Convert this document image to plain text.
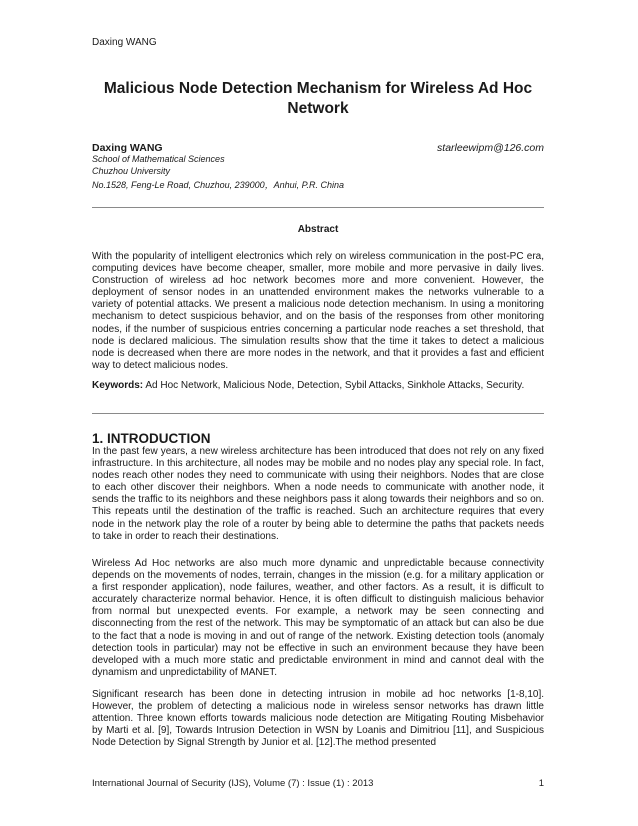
Daxing WANG
Malicious Node Detection Mechanism for Wireless Ad Hoc Network
Daxing WANG	starleewipm@126.com
School of Mathematical Sciences
Chuzhou University
No.1528, Feng-Le Road, Chuzhou, 239000，Anhui, P.R. China
Abstract
With the popularity of intelligent electronics which rely on wireless communication in the post-PC era, computing devices have become cheaper, smaller, more mobile and more pervasive in daily lives. Construction of wireless ad hoc network becomes more and more convenient. However, the deployment of sensor nodes in an unattended environment makes the networks vulnerable to a variety of potential attacks. We present a malicious node detection mechanism. In using a monitoring mechanism to detect suspicious behavior, and on the basis of the responses from other monitoring nodes, if the number of suspicious entries concerning a particular node reaches a set threshold, that node is declared malicious. The simulation results show that the time it takes to detect a malicious node is decreased when there are more nodes in the network, and that it provides a fast and efficient way to detect malicious nodes.
Keywords: Ad Hoc Network, Malicious Node, Detection, Sybil Attacks, Sinkhole Attacks, Security.
1. INTRODUCTION
In the past few years, a new wireless architecture has been introduced that does not rely on any fixed infrastructure. In this architecture, all nodes may be mobile and no nodes play any special role. In fact, nodes reach other nodes they need to communicate with using their neighbors. Nodes that are close to each other discover their neighbors. When a node needs to communicate with another node, it sends the traffic to its neighbors and these neighbors pass it along towards their neighbors and so on. This repeats until the destination of the traffic is reached. Such an architecture requires that every node in the network play the role of a router by being able to determine the paths that packets needs to take in order to reach their destinations.
Wireless Ad Hoc networks are also much more dynamic and unpredictable because connectivity depends on the movements of nodes, terrain, changes in the mission (e.g. for a military application or a first responder application), node failures, weather, and other factors. As a result, it is difficult to accurately characterize normal behavior. Hence, it is often difficult to distinguish malicious behavior from normal but unexpected events. For example, a network may be seen connecting and disconnecting from the rest of the network. This may be symptomatic of an attack but can also be due to the fact that a node is moving in and out of range of the network. Existing detection tools (anomaly detection tools in particular) may not be effective in such an environment because they have been developed with a much more static and predictable environment in mind and cannot deal with the dynamism and unpredictability of MANET.
Significant research has been done in detecting intrusion in mobile ad hoc networks [1-8,10]. However, the problem of detecting a malicious node in wireless sensor networks has drawn little attention. Three known efforts towards malicious node detection are Mitigating Routing Misbehavior by Marti et al. [9], Towards Intrusion Detection in WSN by Loanis and Dimitriou [11], and Suspicious Node Detection by Signal Strength by Junior et al. [12].The method presented
International Journal of Security (IJS), Volume (7) : Issue (1) : 2013	1
